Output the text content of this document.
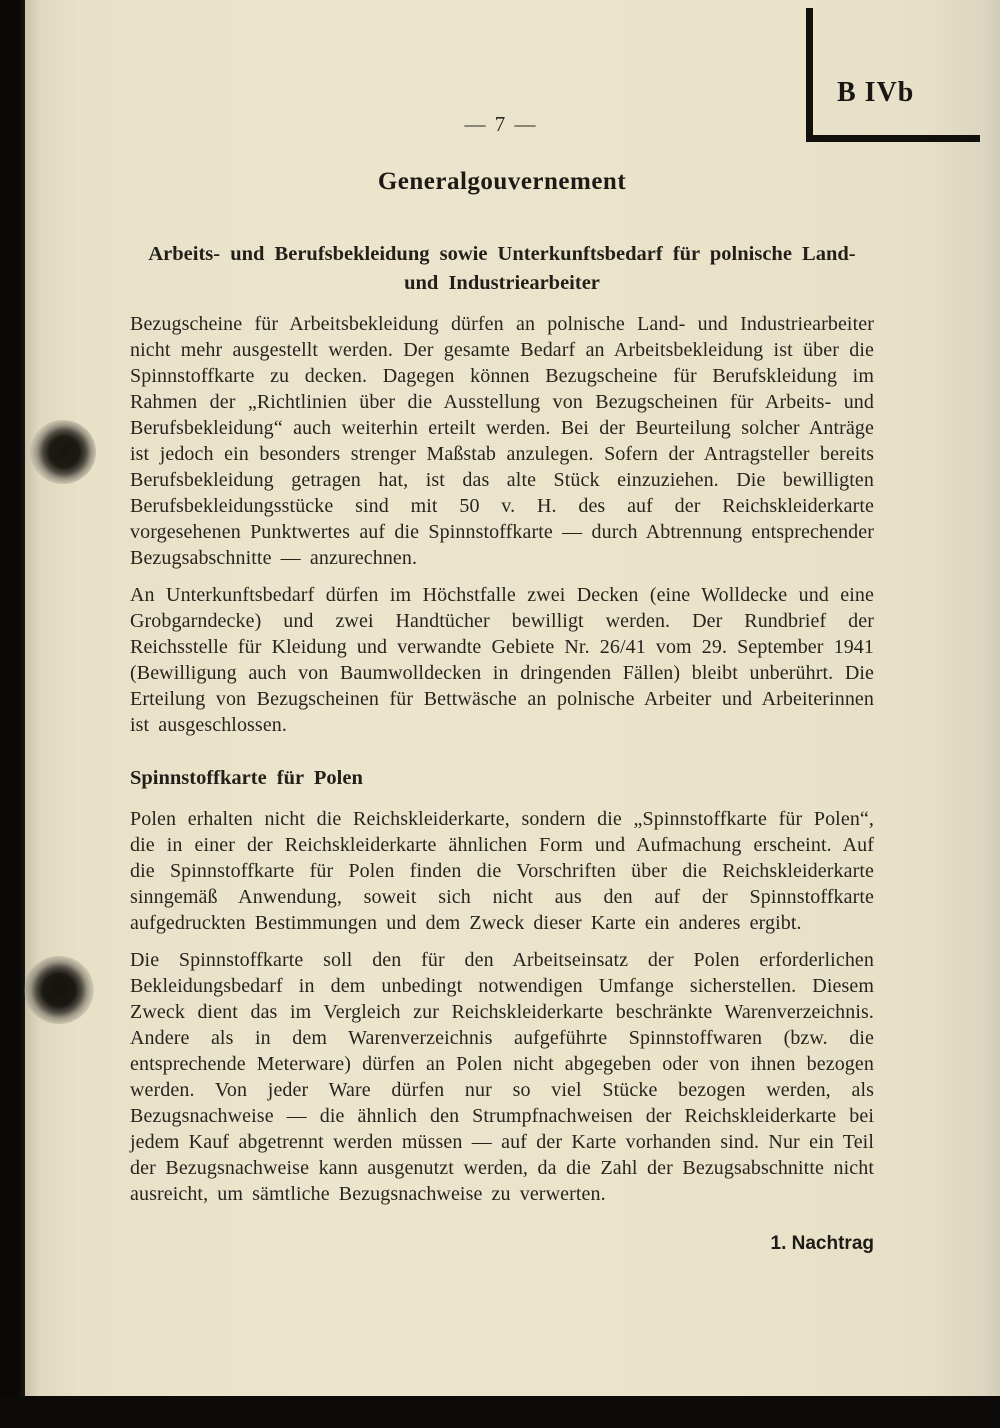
B IVb
— 7 —
Generalgouvernement
Arbeits- und Berufsbekleidung sowie Unterkunftsbedarf für polnische Land- und Industriearbeiter

Bezugscheine für Arbeitsbekleidung dürfen an polnische Land- und Industriearbeiter nicht mehr ausgestellt werden. Der gesamte Bedarf an Arbeitsbekleidung ist über die Spinnstoffkarte zu decken. Dagegen können Bezugscheine für Berufskleidung im Rahmen der „Richtlinien über die Ausstellung von Bezugscheinen für Arbeits- und Berufsbekleidung“ auch weiterhin erteilt werden. Bei der Beurteilung solcher Anträge ist jedoch ein besonders strenger Maßstab anzulegen. Sofern der Antragsteller bereits Berufsbekleidung getragen hat, ist das alte Stück einzuziehen. Die bewilligten Berufsbekleidungsstücke sind mit 50 v. H. des auf der Reichskleiderkarte vorgesehenen Punktwertes auf die Spinnstoffkarte — durch Abtrennung entsprechender Bezugsabschnitte — anzurechnen.

An Unterkunftsbedarf dürfen im Höchstfalle zwei Decken (eine Wolldecke und eine Grobgarndecke) und zwei Handtücher bewilligt werden. Der Rundbrief der Reichsstelle für Kleidung und verwandte Gebiete Nr. 26/41 vom 29. September 1941 (Bewilligung auch von Baumwolldecken in dringenden Fällen) bleibt unberührt. Die Erteilung von Bezugscheinen für Bettwäsche an polnische Arbeiter und Arbeiterinnen ist ausgeschlossen.

Spinnstoffkarte für Polen

Polen erhalten nicht die Reichskleiderkarte, sondern die „Spinnstoffkarte für Polen“, die in einer der Reichskleiderkarte ähnlichen Form und Aufmachung erscheint. Auf die Spinnstoffkarte für Polen finden die Vorschriften über die Reichskleiderkarte sinngemäß Anwendung, soweit sich nicht aus den auf der Spinnstoffkarte aufgedruckten Bestimmungen und dem Zweck dieser Karte ein anderes ergibt.

Die Spinnstoffkarte soll den für den Arbeitseinsatz der Polen erforderlichen Bekleidungsbedarf in dem unbedingt notwendigen Umfange sicherstellen. Diesem Zweck dient das im Vergleich zur Reichskleiderkarte beschränkte Warenverzeichnis. Andere als in dem Warenverzeichnis aufgeführte Spinnstoffwaren (bzw. die entsprechende Meterware) dürfen an Polen nicht abgegeben oder von ihnen bezogen werden. Von jeder Ware dürfen nur so viel Stücke bezogen werden, als Bezugsnachweise — die ähnlich den Strumpfnachweisen der Reichskleiderkarte bei jedem Kauf abgetrennt werden müssen — auf der Karte vorhanden sind. Nur ein Teil der Bezugsnachweise kann ausgenutzt werden, da die Zahl der Bezugsabschnitte nicht ausreicht, um sämtliche Bezugsnachweise zu verwerten.

1. Nachtrag
